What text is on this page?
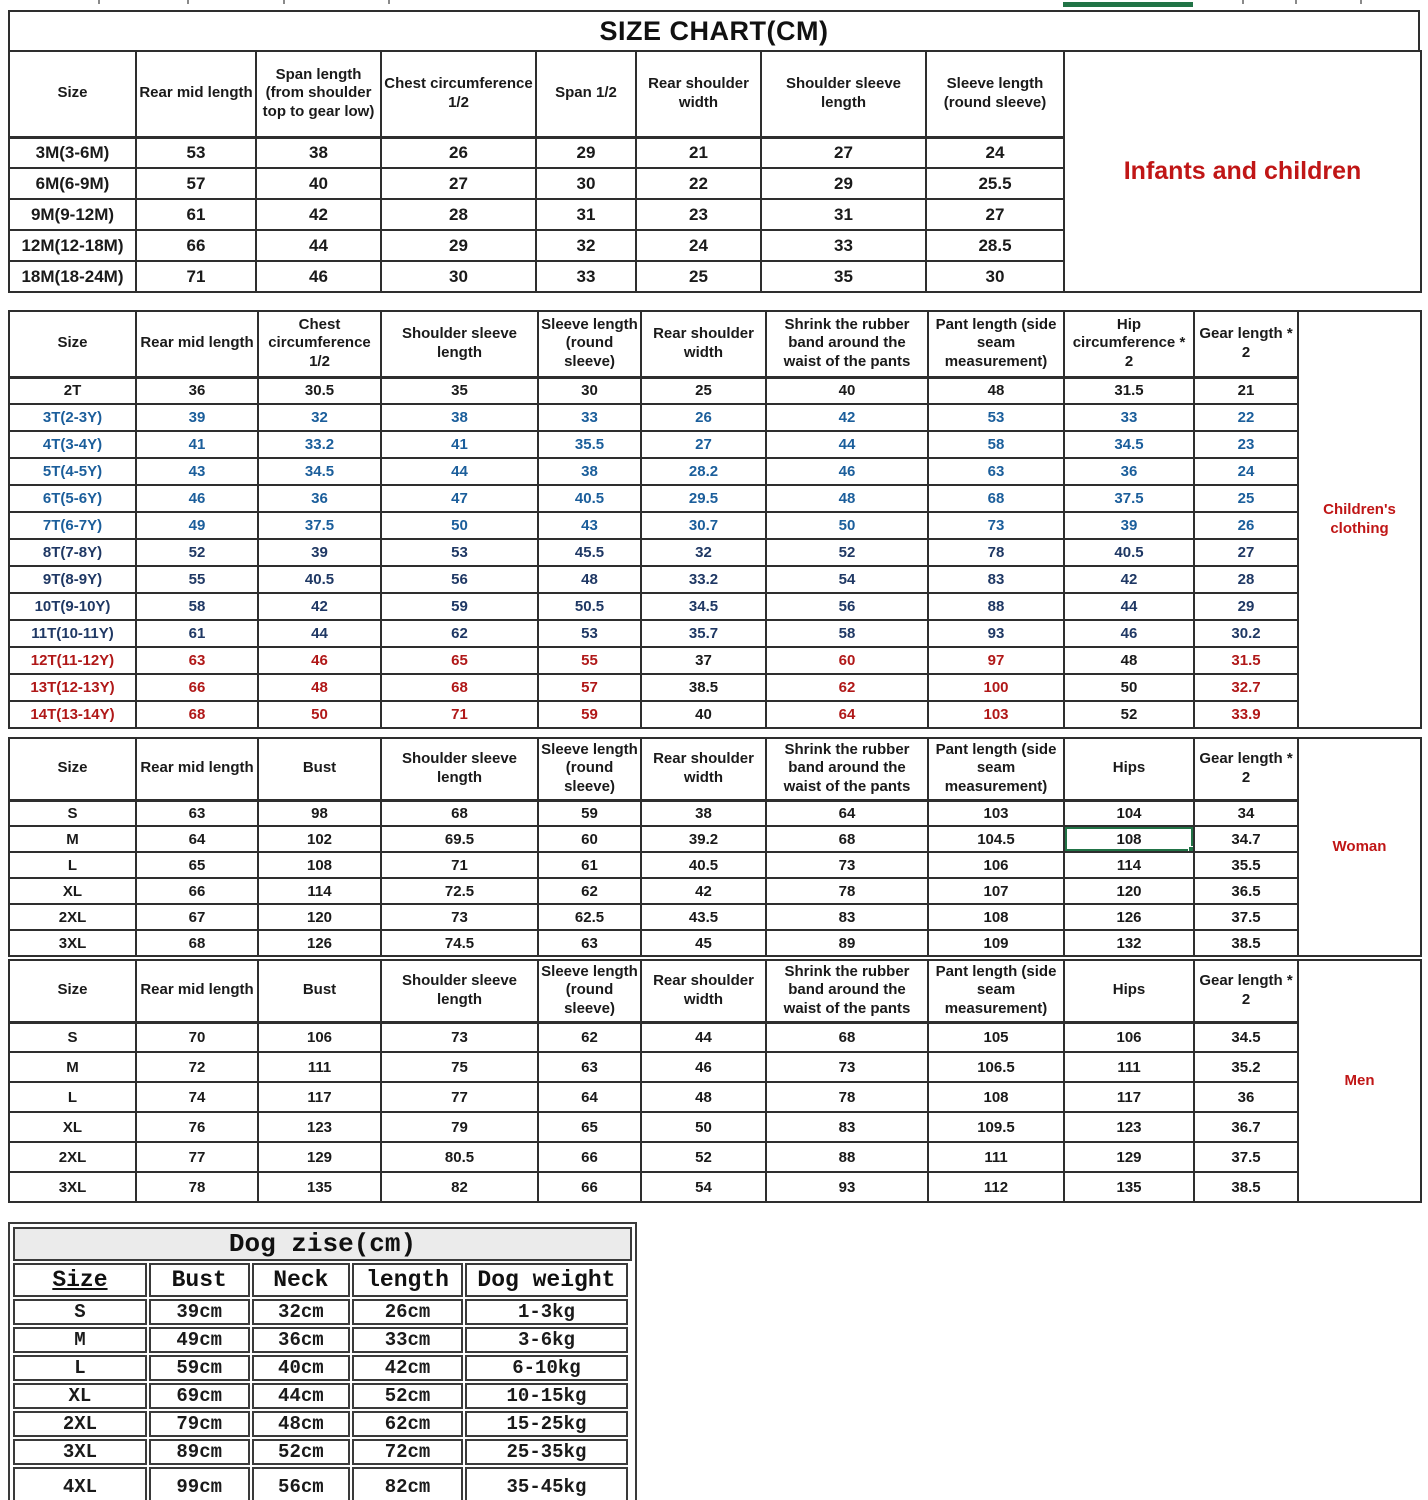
SIZE CHART(CM)
Size	Rear mid length	Span length (from shoulder top to gear low)	Chest circumference 1/2	Span 1/2	Rear shoulder width	Shoulder sleeve length	Sleeve length (round sleeve)	Infants and children
3M(3-6M)	53	38	26	29	21	27	24	
6M(6-9M)	57	40	27	30	22	29	25.5	
9M(9-12M)	61	42	28	31	23	31	27	
12M(12-18M)	66	44	29	32	24	33	28.5	
18M(18-24M)	71	46	30	33	25	35	30	
Size	Rear mid length	Chest circumference 1/2	Shoulder sleeve length	Sleeve length (round sleeve)	Rear shoulder width	Shrink the rubber band around the waist of the pants	Pant length (side seam measurement)	Hip circumference * 2	Gear length * 2	Children's clothing
2T	36	30.5	35	30	25	40	48	31.5	21	
3T(2-3Y)	39	32	38	33	26	42	53	33	22	
4T(3-4Y)	41	33.2	41	35.5	27	44	58	34.5	23	
5T(4-5Y)	43	34.5	44	38	28.2	46	63	36	24	
6T(5-6Y)	46	36	47	40.5	29.5	48	68	37.5	25	
7T(6-7Y)	49	37.5	50	43	30.7	50	73	39	26	
8T(7-8Y)	52	39	53	45.5	32	52	78	40.5	27	
9T(8-9Y)	55	40.5	56	48	33.2	54	83	42	28	
10T(9-10Y)	58	42	59	50.5	34.5	56	88	44	29	
11T(10-11Y)	61	44	62	53	35.7	58	93	46	30.2	
12T(11-12Y)	63	46	65	55	37	60	97	48	31.5	
13T(12-13Y)	66	48	68	57	38.5	62	100	50	32.7	
14T(13-14Y)	68	50	71	59	40	64	103	52	33.9	
Size	Rear mid length	Bust	Shoulder sleeve length	Sleeve length (round sleeve)	Rear shoulder width	Shrink the rubber band around the waist of the pants	Pant length (side seam measurement)	Hips	Gear length * 2	Woman
S	63	98	68	59	38	64	103	104	34	
M	64	102	69.5	60	39.2	68	104.5	108	34.7	
L	65	108	71	61	40.5	73	106	114	35.5	
XL	66	114	72.5	62	42	78	107	120	36.5	
2XL	67	120	73	62.5	43.5	83	108	126	37.5	
3XL	68	126	74.5	63	45	89	109	132	38.5	
Size	Rear mid length	Bust	Shoulder sleeve length	Sleeve length (round sleeve)	Rear shoulder width	Shrink the rubber band around the waist of the pants	Pant length (side seam measurement)	Hips	Gear length * 2	Men
S	70	106	73	62	44	68	105	106	34.5	
M	72	111	75	63	46	73	106.5	111	35.2	
L	74	117	77	64	48	78	108	117	36	
XL	76	123	79	65	50	83	109.5	123	36.7	
2XL	77	129	80.5	66	52	88	111	129	37.5	
3XL	78	135	82	66	54	93	112	135	38.5	
Dog zise(cm)
Size	Bust	Neck	length	Dog weight
S	39cm	32cm	26cm	1-3kg
M	49cm	36cm	33cm	3-6kg
L	59cm	40cm	42cm	6-10kg
XL	69cm	44cm	52cm	10-15kg
2XL	79cm	48cm	62cm	15-25kg
3XL	89cm	52cm	72cm	25-35kg
4XL	99cm	56cm	82cm	35-45kg
